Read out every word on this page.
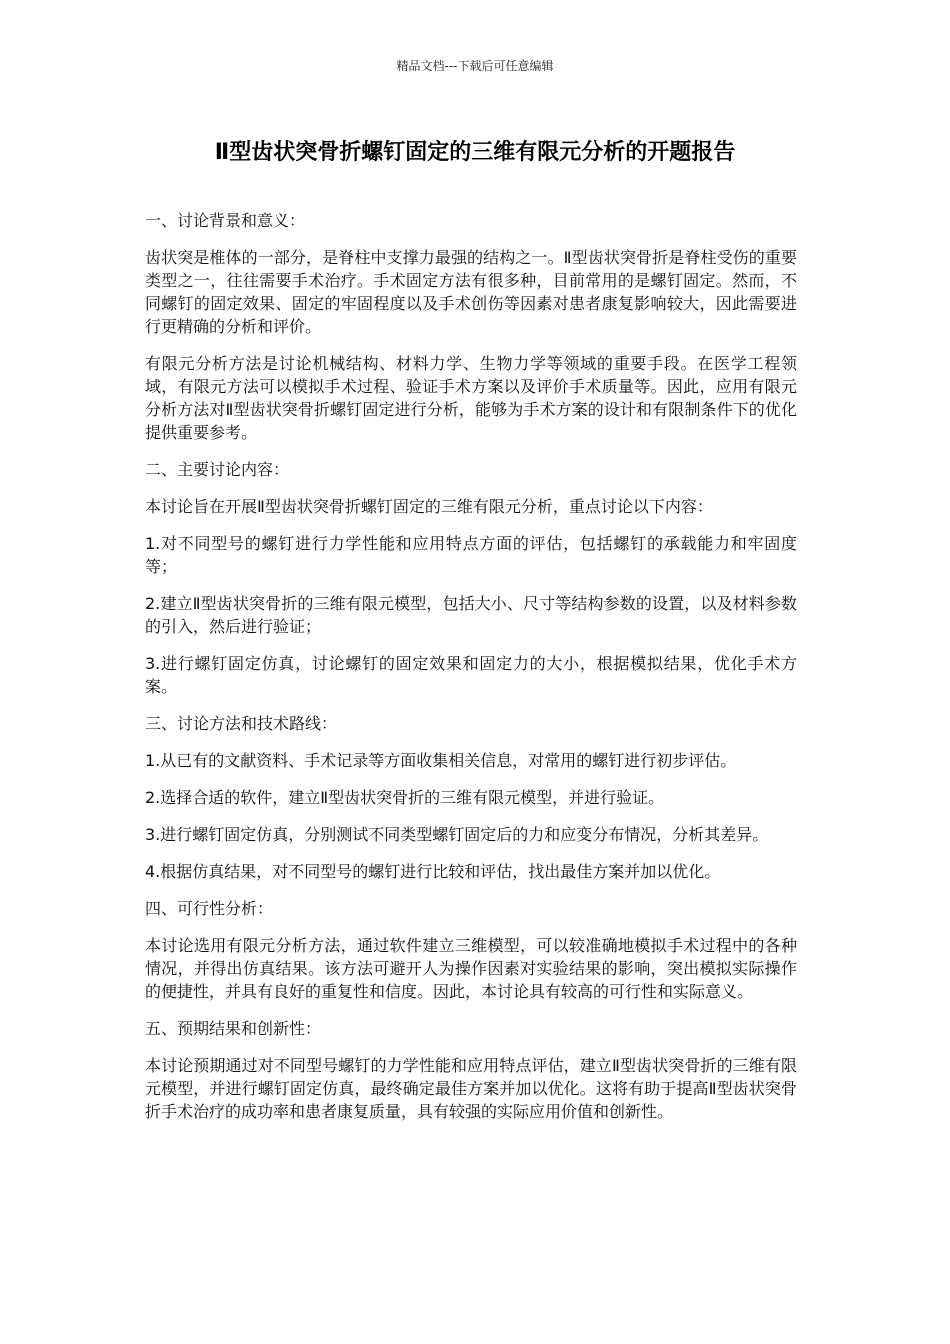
精品文档---下载后可任意编辑
Ⅱ型齿状突骨折螺钉固定的三维有限元分析的开题报告
一、讨论背景和意义：
齿状突是椎体的一部分，是脊柱中支撑力最强的结构之一。Ⅱ型齿状突骨折是脊柱受伤的重要类型之一，往往需要手术治疗。手术固定方法有很多种，目前常用的是螺钉固定。然而，不同螺钉的固定效果、固定的牢固程度以及手术创伤等因素对患者康复影响较大，因此需要进行更精确的分析和评价。
有限元分析方法是讨论机械结构、材料力学、生物力学等领域的重要手段。在医学工程领域，有限元方法可以模拟手术过程、验证手术方案以及评价手术质量等。因此，应用有限元分析方法对Ⅱ型齿状突骨折螺钉固定进行分析，能够为手术方案的设计和有限制条件下的优化提供重要参考。
二、主要讨论内容：
本讨论旨在开展Ⅱ型齿状突骨折螺钉固定的三维有限元分析，重点讨论以下内容：
1.对不同型号的螺钉进行力学性能和应用特点方面的评估，包括螺钉的承载能力和牢固度等；
2.建立Ⅱ型齿状突骨折的三维有限元模型，包括大小、尺寸等结构参数的设置，以及材料参数的引入，然后进行验证；
3.进行螺钉固定仿真，讨论螺钉的固定效果和固定力的大小，根据模拟结果，优化手术方案。
三、讨论方法和技术路线：
1.从已有的文献资料、手术记录等方面收集相关信息，对常用的螺钉进行初步评估。
2.选择合适的软件，建立Ⅱ型齿状突骨折的三维有限元模型，并进行验证。
3.进行螺钉固定仿真，分别测试不同类型螺钉固定后的力和应变分布情况，分析其差异。
4.根据仿真结果，对不同型号的螺钉进行比较和评估，找出最佳方案并加以优化。
四、可行性分析：
本讨论选用有限元分析方法，通过软件建立三维模型，可以较准确地模拟手术过程中的各种情况，并得出仿真结果。该方法可避开人为操作因素对实验结果的影响，突出模拟实际操作的便捷性，并具有良好的重复性和信度。因此，本讨论具有较高的可行性和实际意义。
五、预期结果和创新性：
本讨论预期通过对不同型号螺钉的力学性能和应用特点评估，建立Ⅱ型齿状突骨折的三维有限元模型，并进行螺钉固定仿真，最终确定最佳方案并加以优化。这将有助于提高Ⅱ型齿状突骨折手术治疗的成功率和患者康复质量，具有较强的实际应用价值和创新性。
